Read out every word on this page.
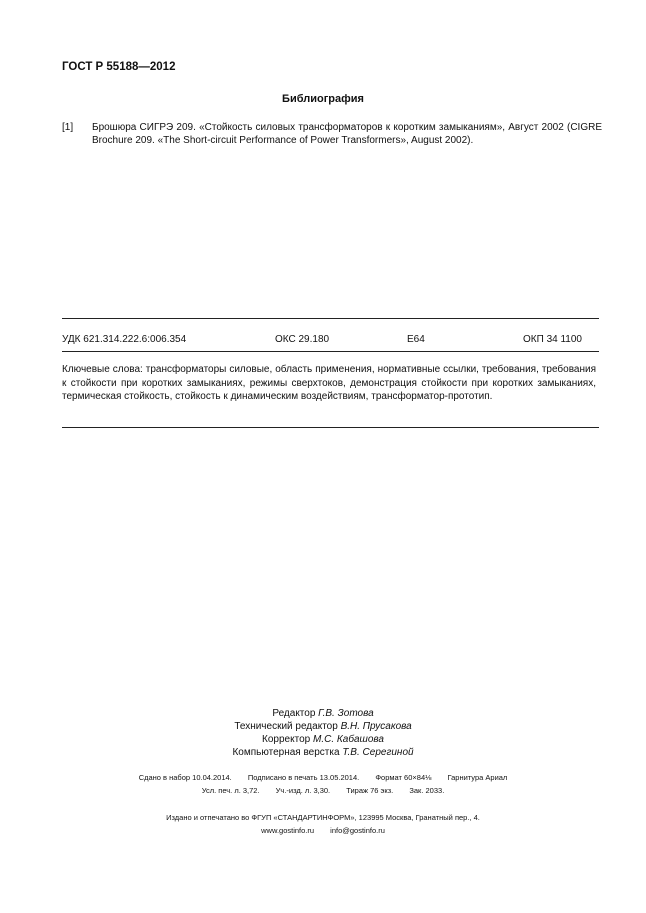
ГОСТ Р 55188—2012
Библиография
[1] Брошюра СИГРЭ 209. «Стойкость силовых трансформаторов к коротким замыканиям», Август 2002 (CIGRE Brochure 209. «The Short-circuit Performance of Power Transformers», August 2002).
УДК 621.314.222.6:006.354	ОКС 29.180	Е64	ОКП 34 1100
Ключевые слова: трансформаторы силовые, область применения, нормативные ссылки, требования, требования к стойкости при коротких замыканиях, режимы сверхтоков, демонстрация стойкости при коротких замыканиях, термическая стойкость, стойкость к динамическим воздействиям, трансформатор-прототип.
Редактор Г.В. Зотова
Технический редактор В.Н. Прусакова
Корректор М.С. Кабашова
Компьютерная верстка Т.В. Серегиной
Сдано в набор 10.04.2014. Подписано в печать 13.05.2014. Формат 60×84⅛ Гарнитура Ариал
Усл. печ. л. 3,72. Уч.-изд. л. 3,30. Тираж 76 экз. Зак. 2033.
Издано и отпечатано во ФГУП «СТАНДАРТИНФОРМ», 123995 Москва, Гранатный пер., 4.
www.gostinfo.ru info@gostinfo.ru
